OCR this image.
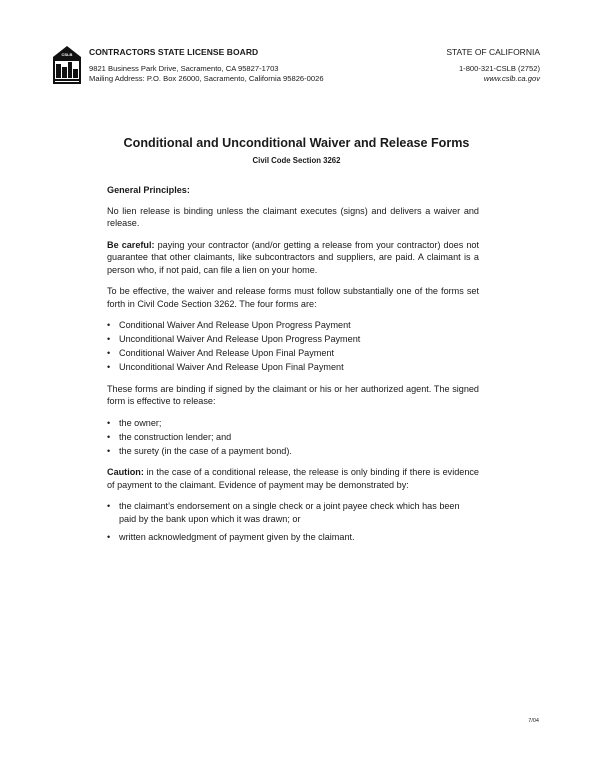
CSLB CONTRACTORS STATE LICENSE BOARD
9821 Business Park Drive, Sacramento, CA 95827-1703
Mailing Address: P.O. Box 26000, Sacramento, California 95826-0026
STATE OF CALIFORNIA
1-800-321-CSLB (2752)
www.cslb.ca.gov
Conditional and Unconditional Waiver and Release Forms
Civil Code Section 3262
General Principles:

No lien release is binding unless the claimant executes (signs) and delivers a waiver and release.

Be careful: paying your contractor (and/or getting a release from your contractor) does not guarantee that other claimants, like subcontractors and suppliers, are paid. A claimant is a person who, if not paid, can file a lien on your home.

To be effective, the waiver and release forms must follow substantially one of the forms set forth in Civil Code Section 3262. The four forms are:

• Conditional Waiver And Release Upon Progress Payment
• Unconditional Waiver And Release Upon Progress Payment
• Conditional Waiver And Release Upon Final Payment
• Unconditional Waiver And Release Upon Final Payment

These forms are binding if signed by the claimant or his or her authorized agent. The signed form is effective to release:

• the owner;
• the construction lender; and
• the surety (in the case of a payment bond).

Caution: in the case of a conditional release, the release is only binding if there is evidence of payment to the claimant. Evidence of payment may be demonstrated by:

• the claimant’s endorsement on a single check or a joint payee check which has been paid by the bank upon which it was drawn; or
• written acknowledgment of payment given by the claimant.
7/04
